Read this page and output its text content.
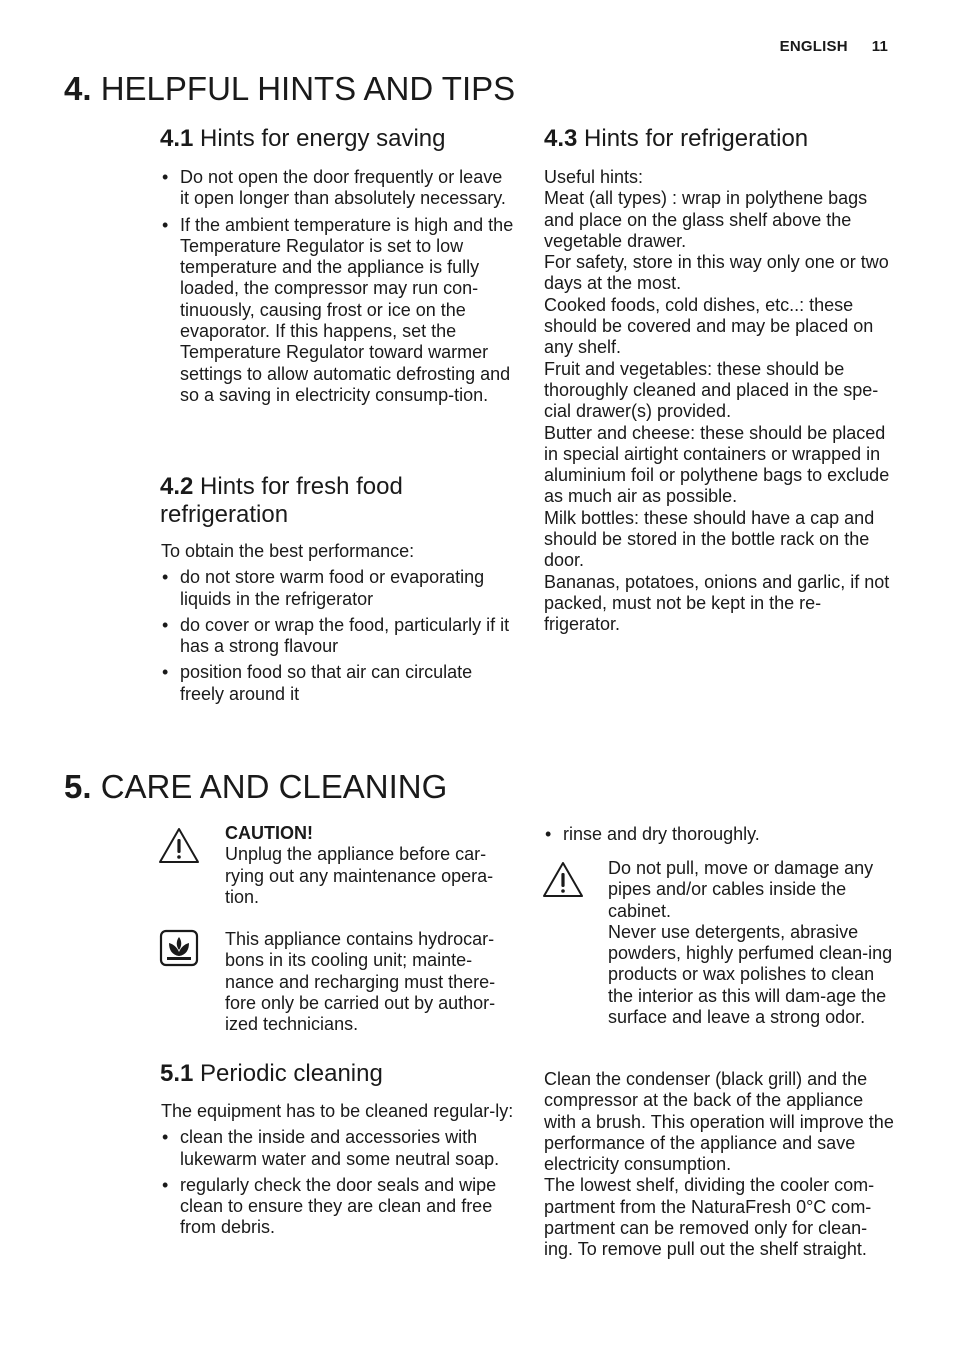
ENGLISH 11
4. HELPFUL HINTS AND TIPS
4.1 Hints for energy saving
• Do not open the door frequently or leave it open longer than absolutely necessary.
• If the ambient temperature is high and the Temperature Regulator is set to low temperature and the appliance is fully loaded, the compressor may run con-tinuously, causing frost or ice on the evaporator. If this happens, set the Temperature Regulator toward warmer settings to allow automatic defrosting and so a saving in electricity consump-tion.
4.2 Hints for fresh food refrigeration

To obtain the best performance:

• do not store warm food or evaporating liquids in the refrigerator
• do cover or wrap the food, particularly if it has a strong flavour
• position food so that air can circulate freely around it
4.3 Hints for refrigeration

Useful hints:

Meat (all types) : wrap in polythene bags and place on the glass shelf above the vegetable drawer.

For safety, store in this way only one or two days at the most.

Cooked foods, cold dishes, etc..: these should be covered and may be placed on any shelf.

Fruit and vegetables: these should be thoroughly cleaned and placed in the spe-cial drawer(s) provided.

Butter and cheese: these should be placed in special airtight containers or wrapped in aluminium foil or polythene bags to exclude as much air as possible.

Milk bottles: these should have a cap and should be stored in the bottle rack on the door.

Bananas, potatoes, onions and garlic, if not packed, must not be kept in the re-frigerator.

5. CARE AND CLEANING

CAUTION!

Unplug the appliance before car-rying out any maintenance opera-tion.

This appliance contains hydrocar-bons in its cooling unit; mainte-nance and recharging must there-fore only be carried out by author-ized technicians.

5.1 Periodic cleaning

The equipment has to be cleaned regular-ly:

• clean the inside and accessories with lukewarm water and some neutral soap.
• regularly check the door seals and wipe clean to ensure they are clean and free from debris.
• rinse and dry thoroughly.

Do not pull, move or damage any pipes and/or cables inside the cabinet.

Never use detergents, abrasive powders, highly perfumed clean-ing products or wax polishes to clean the interior as this will dam-age the surface and leave a strong odor.

Clean the condenser (black grill) and the compressor at the back of the appliance with a brush. This operation will improve the performance of the appliance and save electricity consumption.

The lowest shelf, dividing the cooler com-partment from the NaturaFresh 0°C com-partment can be removed only for clean-ing. To remove pull out the shelf straight.
